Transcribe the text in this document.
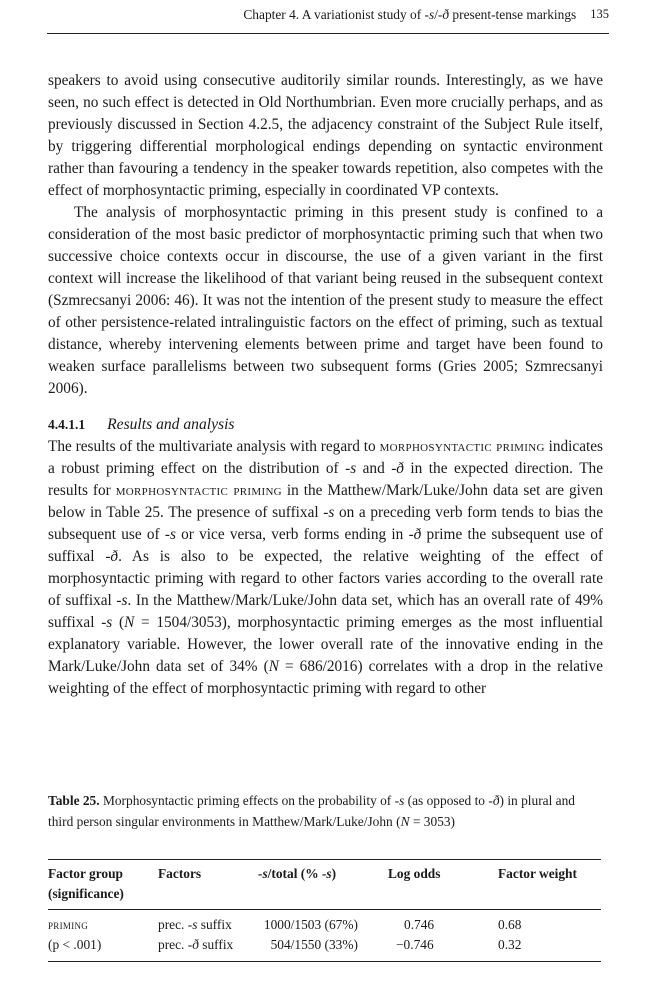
Chapter 4. A variationist study of -s/-ð present-tense markings 135

speakers to avoid using consecutive auditorily similar rounds. Interestingly, as we have seen, no such effect is detected in Old Northumbrian. Even more crucially perhaps, and as previously discussed in Section 4.2.5, the adjacency constraint of the Subject Rule itself, by triggering differential morphological endings depending on syntactic environment rather than favouring a tendency in the speaker towards repetition, also competes with the effect of morphosyntactic priming, especially in coordinated VP contexts.

The analysis of morphosyntactic priming in this present study is confined to a consideration of the most basic predictor of morphosyntactic priming such that when two successive choice contexts occur in discourse, the use of a given variant in the first context will increase the likelihood of that variant being reused in the subsequent context (Szmrecsanyi 2006: 46). It was not the intention of the present study to measure the effect of other persistence-related intralinguistic factors on the effect of priming, such as textual distance, whereby intervening elements between prime and target have been found to weaken surface parallelisms between two subsequent forms (Gries 2005; Szmrecsanyi 2006).

4.4.1.1 Results and analysis

The results of the multivariate analysis with regard to morphosyntactic priming indicates a robust priming effect on the distribution of -s and -ð in the expected direction. The results for morphosyntactic priming in the Matthew/Mark/Luke/John data set are given below in Table 25. The presence of suffixal -s on a preceding verb form tends to bias the subsequent use of -s or vice versa, verb forms ending in -ð prime the subsequent use of suffixal -ð. As is also to be expected, the relative weighting of the effect of morphosyntactic priming with regard to other factors varies according to the overall rate of suffixal -s. In the Matthew/Mark/Luke/John data set, which has an overall rate of 49% suffixal -s (N = 1504/3053), morphosyntactic priming emerges as the most influential explanatory variable. However, the lower overall rate of the innovative ending in the Mark/Luke/John data set of 34% (N = 686/2016) correlates with a drop in the relative weighting of the effect of morphosyntactic priming with regard to other

Table 25. Morphosyntactic priming effects on the probability of -s (as opposed to -ð) in plural and third person singular environments in Matthew/Mark/Luke/John (N = 3053)
Factor group
(significance)	Factors	-s/total (% -s)	Log odds	Factor weight
priming	prec. -s suffix	1000/1503 (67%)	0.746	0.68
(p < .001)	prec. -ð suffix	504/1550 (33%)	−0.746	0.32
